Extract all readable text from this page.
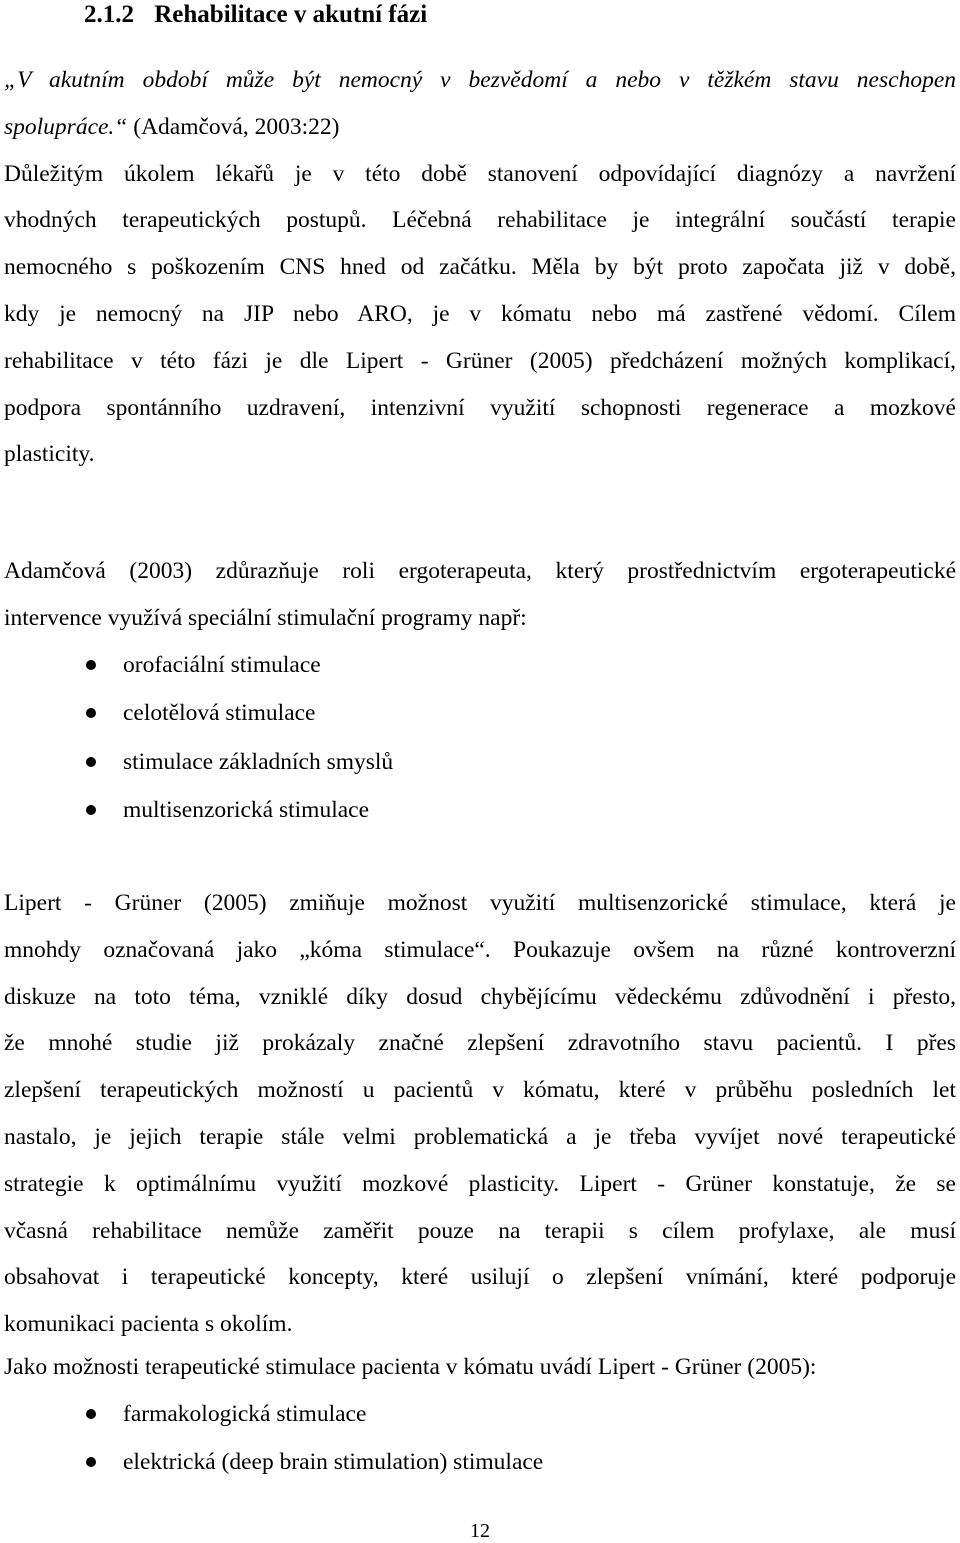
2.1.2 Rehabilitace v akutní fázi
„V akutním období může být nemocný v bezvědomí a nebo v těžkém stavu neschopen
spolupráce.“ (Adamčová, 2003:22)
Důležitým úkolem lékařů je v této době stanovení odpovídající diagnózy a navržení
vhodných terapeutických postupů. Léčebná rehabilitace je integrální součástí terapie
nemocného s poškozením CNS hned od začátku. Měla by být proto započata již v době,
kdy je nemocný na JIP nebo ARO, je v kómatu nebo má zastřené vědomí. Cílem
rehabilitace v této fázi je dle Lipert - Grüner (2005) předcházení možných komplikací,
podpora spontánního uzdravení, intenzivní využití schopnosti regenerace a mozkové
plasticity.
Adamčová (2003) zdůrazňuje roli ergoterapeuta, který prostřednictvím ergoterapeutické
intervence využívá speciální stimulační programy např:
orofaciální stimulace
celotělová stimulace
stimulace základních smyslů
multisenzorická stimulace
Lipert - Grüner (2005) zmiňuje možnost využití multisenzorické stimulace, která je
mnohdy označovaná jako „kóma stimulace“. Poukazuje ovšem na různé kontroverzní
diskuze na toto téma, vzniklé díky dosud chybějícímu vědeckému zdůvodnění i přesto,
že mnohé studie již prokázaly značné zlepšení zdravotního stavu pacientů. I přes
zlepšení terapeutických možností u pacientů v kómatu, které v průběhu posledních let
nastalo, je jejich terapie stále velmi problematická a je třeba vyvíjet nové terapeutické
strategie k optimálnímu využití mozkové plasticity. Lipert - Grüner konstatuje, že se
včasná rehabilitace nemůže zaměřit pouze na terapii s cílem profylaxe, ale musí
obsahovat i terapeutické koncepty, které usilují o zlepšení vnímání, které podporuje
komunikaci pacienta s okolím.
Jako možnosti terapeutické stimulace pacienta v kómatu uvádí Lipert - Grüner (2005):
farmakologická stimulace
elektrická (deep brain stimulation) stimulace
12
